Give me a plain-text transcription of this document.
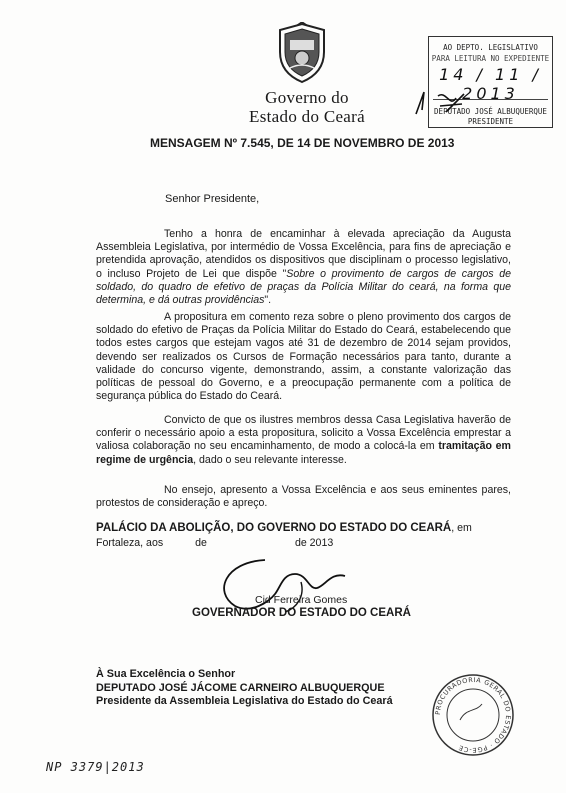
Governo do
Estado do Ceará
AO DEPTO. LEGISLATIVO
PARA LEITURA NO EXPEDIENTE
14 / 11 / 2013
DEPUTADO JOSÉ ALBUQUERQUE
PRESIDENTE
MENSAGEM Nº 7.545, DE 14 DE NOVEMBRO DE 2013
Senhor Presidente,
Tenho a honra de encaminhar à elevada apreciação da Augusta Assembleia Legislativa, por intermédio de Vossa Excelência, para fins de apreciação e pretendida aprovação, atendidos os dispositivos que disciplinam o processo legislativo, o incluso Projeto de Lei que dispõe "Sobre o provimento de cargos de cargos de soldado, do quadro de efetivo de praças da Polícia Militar do ceará, na forma que determina, e dá outras providências".
A propositura em comento reza sobre o pleno provimento dos cargos de soldado do efetivo de Praças da Polícia Militar do Estado do Ceará, estabelecendo que todos estes cargos que estejam vagos até 31 de dezembro de 2014 sejam providos, devendo ser realizados os Cursos de Formação necessários para tanto, durante a validade do concurso vigente, demonstrando, assim, a constante valorização das políticas de pessoal do Governo, e a preocupação permanente com a política de segurança pública do Estado do Ceará.
Convicto de que os ilustres membros dessa Casa Legislativa haverão de conferir o necessário apoio a esta propositura, solicito a Vossa Excelência emprestar a valiosa colaboração no seu encaminhamento, de modo a colocá-la em tramitação em regime de urgência, dado o seu relevante interesse.
No ensejo, apresento a Vossa Excelência e aos seus eminentes pares, protestos de consideração e apreço.
PALÁCIO DA ABOLIÇÃO, DO GOVERNO DO ESTADO DO CEARÁ, em
Fortaleza, aos	de	de 2013
Cid Ferreira Gomes
GOVERNADOR DO ESTADO DO CEARÁ
À Sua Excelência o Senhor
DEPUTADO JOSÉ JÁCOME CARNEIRO ALBUQUERQUE
Presidente da Assembleia Legislativa do Estado do Ceará
PROCURADORIA GERAL DO ESTADO · PGE-CE
NP 3379|2013
